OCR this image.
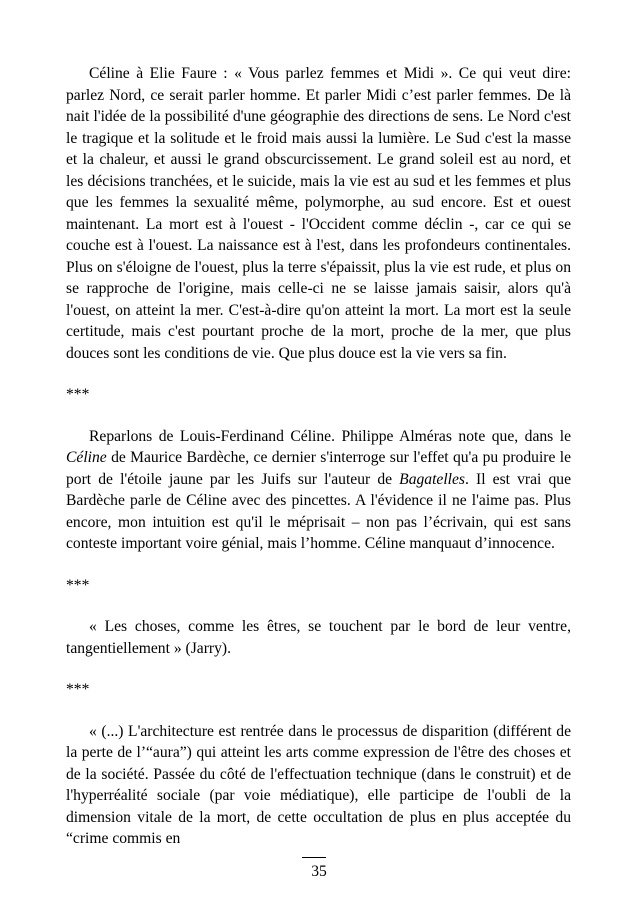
Céline à Elie Faure : « Vous parlez femmes et Midi ». Ce qui veut dire: parlez Nord, ce serait parler homme. Et parler Midi c’est parler femmes. De là nait l'idée de la possibilité d'une géographie des directions de sens. Le Nord c'est le tragique et la solitude et le froid mais aussi la lumière. Le Sud c'est la masse et la chaleur, et aussi le grand obscurcissement. Le grand soleil est au nord, et les décisions tranchées, et le suicide, mais la vie est au sud et les femmes et plus que les femmes la sexualité même, polymorphe, au sud encore. Est et ouest maintenant. La mort est à l'ouest - l'Occident comme déclin -, car ce qui se couche est à l'ouest. La naissance est à l'est, dans les profondeurs continentales. Plus on s'éloigne de l'ouest, plus la terre s'épaissit, plus la vie est rude, et plus on se rapproche de l'origine, mais celle-ci ne se laisse jamais saisir, alors qu'à l'ouest, on atteint la mer. C'est-à-dire qu'on atteint la mort. La mort est la seule certitude, mais c'est pourtant proche de la mort, proche de la mer, que plus douces sont les conditions de vie. Que plus douce est la vie vers sa fin.

***

Reparlons de Louis-Ferdinand Céline. Philippe Alméras note que, dans le Céline de Maurice Bardèche, ce dernier s'interroge sur l'effet qu'a pu produire le port de l'étoile jaune par les Juifs sur l'auteur de Bagatelles. Il est vrai que Bardèche parle de Céline avec des pincettes. A l'évidence il ne l'aime pas. Plus encore, mon intuition est qu'il le méprisait – non pas l’écrivain, qui est sans conteste important voire génial, mais l’homme. Céline manquaut d’innocence.

***

« Les choses, comme les êtres, se touchent par le bord de leur ventre, tangentiellement » (Jarry).

***

« (...) L'architecture est rentrée dans le processus de disparition (différent de la perte de l’“aura”) qui atteint les arts comme expression de l'être des choses et de la société. Passée du côté de l'effectuation technique (dans le construit) et de l'hyperréalité sociale (par voie médiatique), elle participe de l'oubli de la dimension vitale de la mort, de cette occultation de plus en plus acceptée du “crime commis en

35
